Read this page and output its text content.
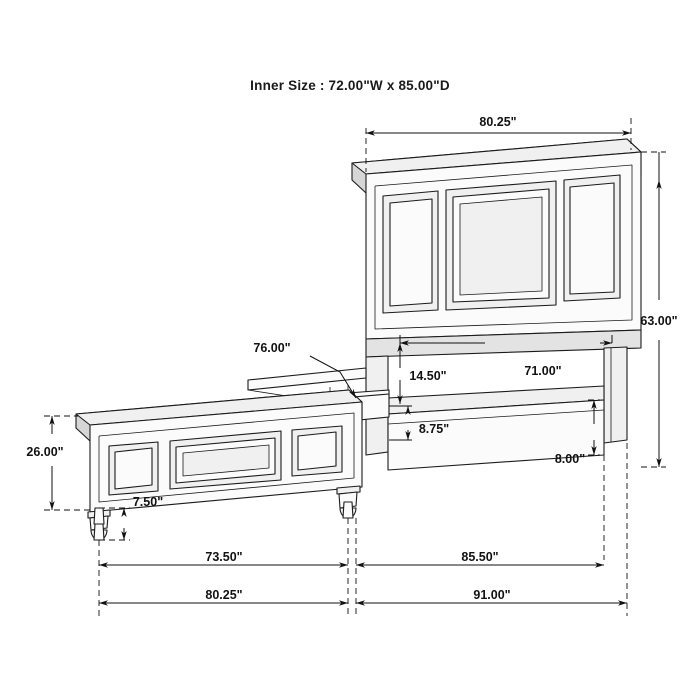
Inner Size : 72.00"W x 85.00"D
80.25"
63.00"
71.00"
14.50"
8.75"
8.00"
26.00"
7.50"
76.00"
73.50"	85.50"
80.25"	91.00"
